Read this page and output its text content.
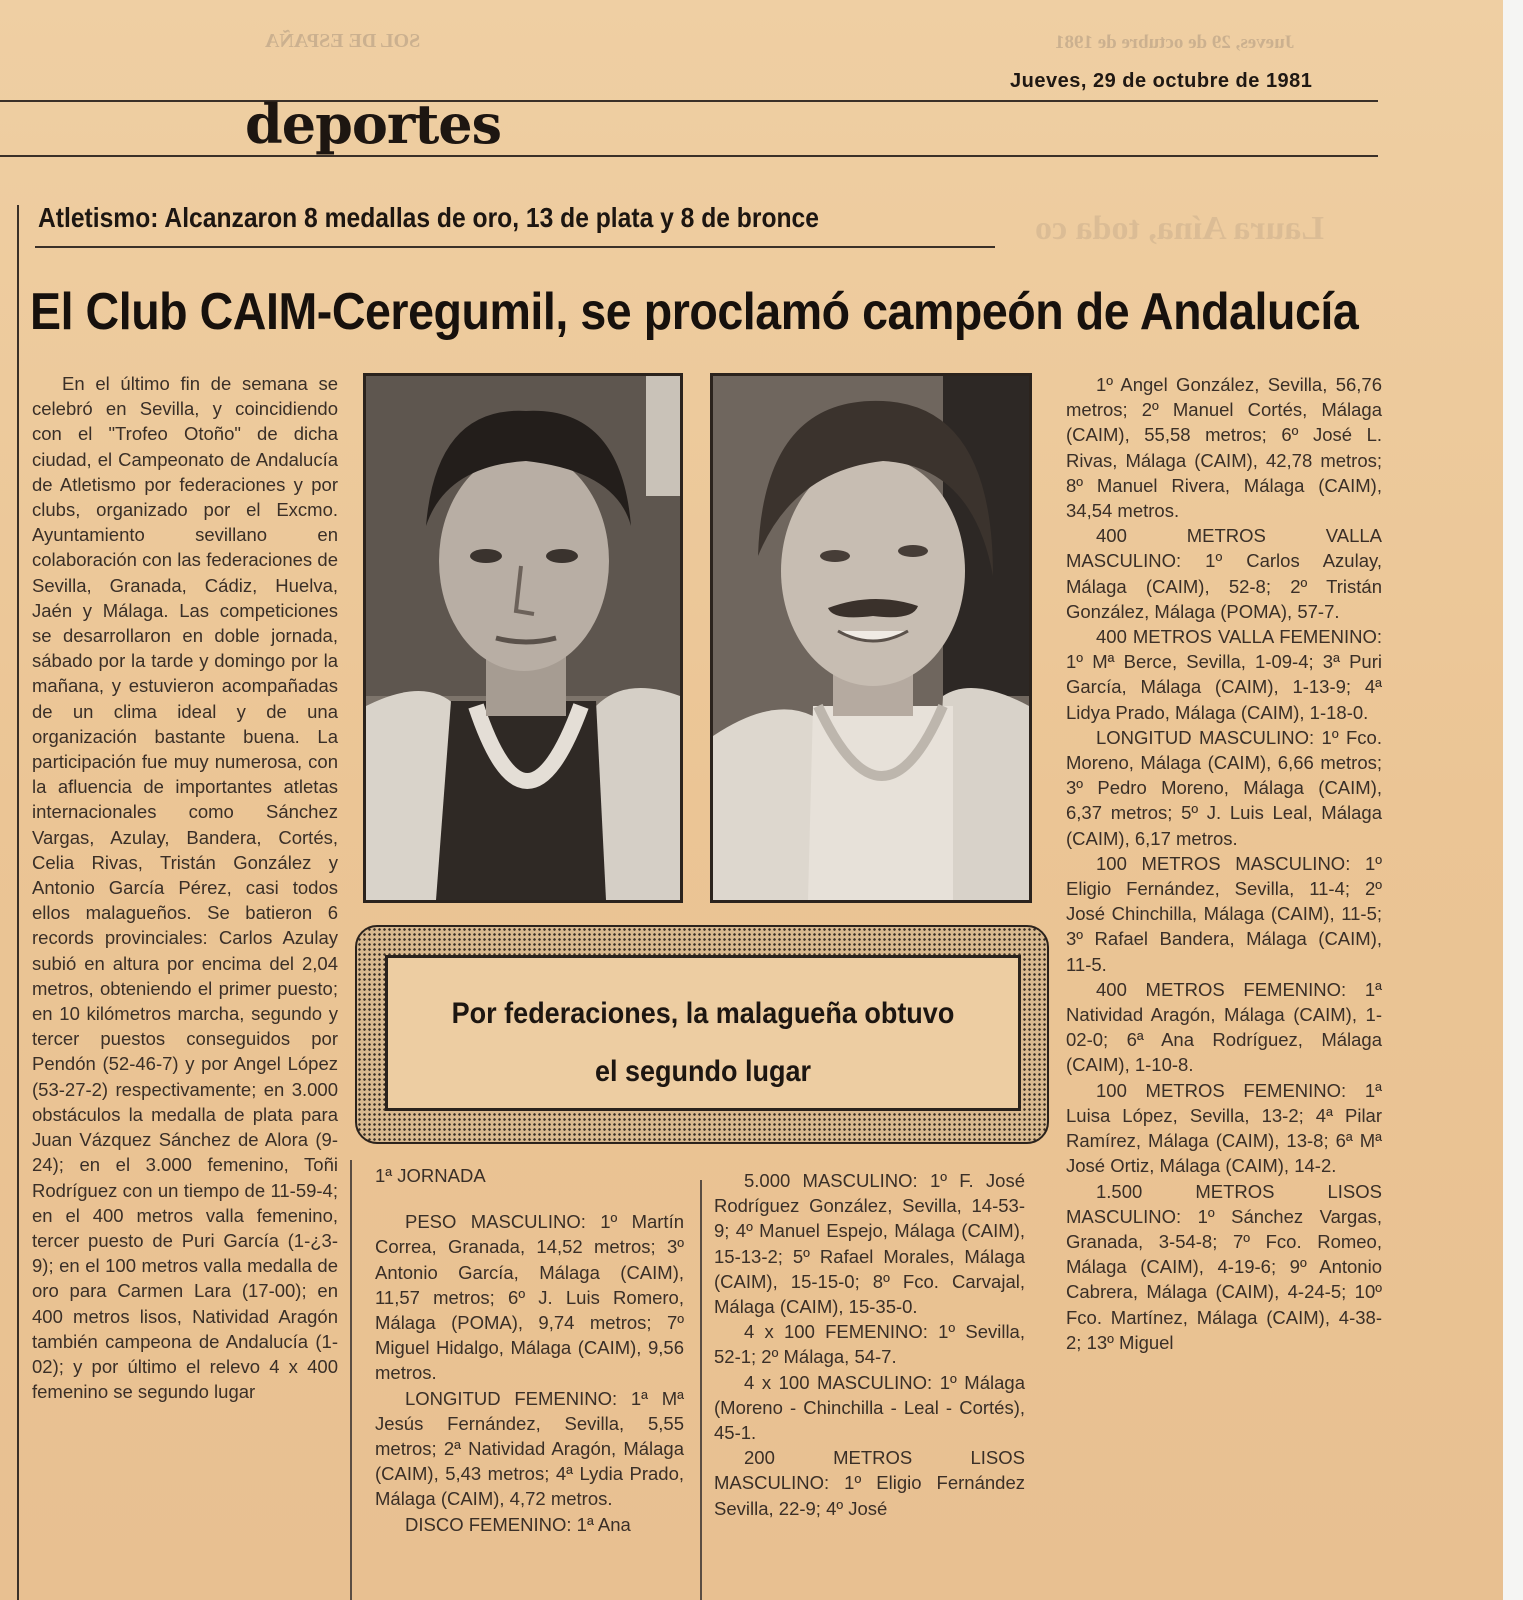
Jueves, 29 de octubre de 1981
SOL DE ESPAÑA
Laura Aína, toda co
Jueves, 29 de octubre de 1981
deportes
Atletismo: Alcanzaron 8 medallas de oro, 13 de plata y 8 de bronce
El Club CAIM-Ceregumil, se proclamó campeón de Andalucía

En el último fin de semana se celebró en Sevilla, y coincidiendo con el "Trofeo Otoño" de dicha ciudad, el Campeonato de Andalucía de Atletismo por federaciones y por clubs, organizado por el Excmo. Ayuntamiento sevillano en colaboración con las federaciones de Sevilla, Granada, Cádiz, Huelva, Jaén y Málaga. Las competiciones se desarrollaron en doble jornada, sábado por la tarde y domingo por la mañana, y estuvieron acompañadas de un clima ideal y de una organización bastante buena. La participación fue muy numerosa, con la afluencia de importantes atletas internacionales como Sánchez Vargas, Azulay, Bandera, Cortés, Celia Rivas, Tristán González y Antonio García Pérez, casi todos ellos malagueños. Se batieron 6 records provinciales: Carlos Azulay subió en altura por encima del 2,04 metros, obteniendo el primer puesto; en 10 kilómetros marcha, segundo y tercer puestos conseguidos por Pendón (52-46-7) y por Angel López (53-27-2) respectivamente; en 3.000 obstáculos la medalla de plata para Juan Vázquez Sánchez de Alora (9-24); en el 3.000 femenino, Toñi Rodríguez con un tiempo de 11-59-4; en el 400 metros valla femenino, tercer puesto de Puri García (1-¿3-9); en el 100 metros valla medalla de oro para Carmen Lara (17-00); en 400 metros lisos, Natividad Aragón también campeona de Andalucía (1-02); y por último el relevo 4 x 400 femenino se segundo lugar

Por federaciones, la malagueña obtuvo
el segundo lugar

1ª JORNADA

PESO MASCULINO: 1º Martín Correa, Granada, 14,52 metros; 3º Antonio García, Málaga (CAIM), 11,57 metros; 6º J. Luis Romero, Málaga (POMA), 9,74 metros; 7º Miguel Hidalgo, Málaga (CAIM), 9,56 metros.

LONGITUD FEMENINO: 1ª Mª Jesús Fernández, Sevilla, 5,55 metros; 2ª Natividad Aragón, Málaga (CAIM), 5,43 metros; 4ª Lydia Prado, Málaga (CAIM), 4,72 metros.

DISCO FEMENINO: 1ª Ana

5.000 MASCULINO: 1º F. José Rodríguez González, Sevilla, 14-53-9; 4º Manuel Espejo, Málaga (CAIM), 15-13-2; 5º Rafael Morales, Málaga (CAIM), 15-15-0; 8º Fco. Carvajal, Málaga (CAIM), 15-35-0.

4 x 100 FEMENINO: 1º Sevilla, 52-1; 2º Málaga, 54-7.

4 x 100 MASCULINO: 1º Málaga (Moreno - Chinchilla - Leal - Cortés), 45-1.

200 METROS LISOS MASCULINO: 1º Eligio Fernández Sevilla, 22-9; 4º José

1º Angel González, Sevilla, 56,76 metros; 2º Manuel Cortés, Málaga (CAIM), 55,58 metros; 6º José L. Rivas, Málaga (CAIM), 42,78 metros; 8º Manuel Rivera, Málaga (CAIM), 34,54 metros.

400 METROS VALLA MASCULINO: 1º Carlos Azulay, Málaga (CAIM), 52-8; 2º Tristán González, Málaga (POMA), 57-7.

400 METROS VALLA FEMENINO: 1º Mª Berce, Sevilla, 1-09-4; 3ª Puri García, Málaga (CAIM), 1-13-9; 4ª Lidya Prado, Málaga (CAIM), 1-18-0.

LONGITUD MASCULINO: 1º Fco. Moreno, Málaga (CAIM), 6,66 metros; 3º Pedro Moreno, Málaga (CAIM), 6,37 metros; 5º J. Luis Leal, Málaga (CAIM), 6,17 metros.

100 METROS MASCULINO: 1º Eligio Fernández, Sevilla, 11-4; 2º José Chinchilla, Málaga (CAIM), 11-5; 3º Rafael Bandera, Málaga (CAIM), 11-5.

400 METROS FEMENINO: 1ª Natividad Aragón, Málaga (CAIM), 1-02-0; 6ª Ana Rodríguez, Málaga (CAIM), 1-10-8.

100 METROS FEMENINO: 1ª Luisa López, Sevilla, 13-2; 4ª Pilar Ramírez, Málaga (CAIM), 13-8; 6ª Mª José Ortiz, Málaga (CAIM), 14-2.

1.500 METROS LISOS MASCULINO: 1º Sánchez Vargas, Granada, 3-54-8; 7º Fco. Romeo, Málaga (CAIM), 4-19-6; 9º Antonio Cabrera, Málaga (CAIM), 4-24-5; 10º Fco. Martínez, Málaga (CAIM), 4-38-2; 13º Miguel
